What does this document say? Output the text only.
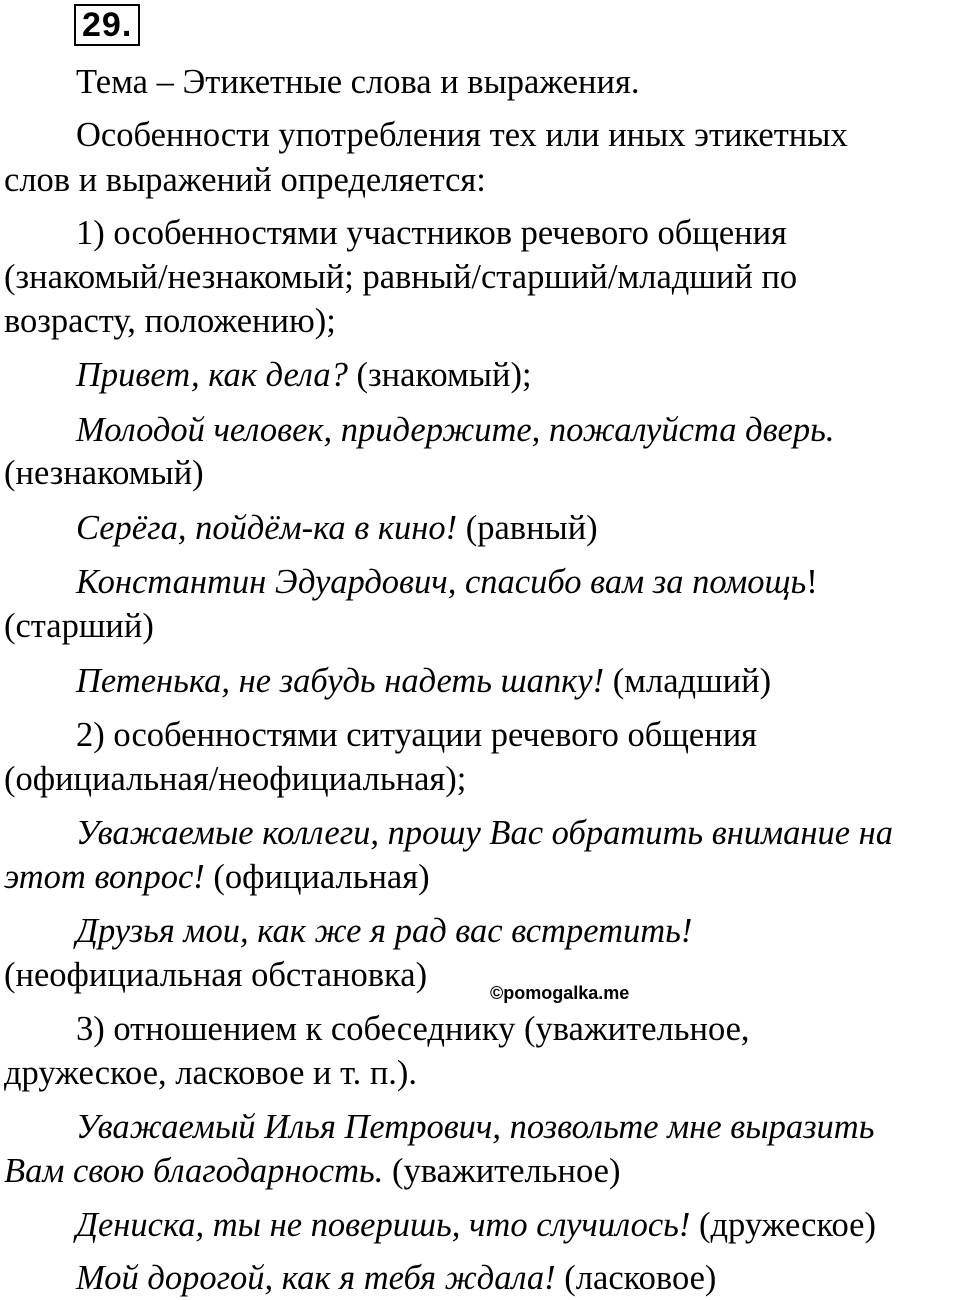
29.
Тема – Этикетные слова и выражения.
Особенности употребления тех или иных этикетных
слов и выражений определяется:
1) особенностями участников речевого общения
(знакомый/незнакомый; равный/старший/младший по
возрасту, положению);
Привет, как дела? (знакомый);
Молодой человек, придержите, пожалуйста дверь.
(незнакомый)
Серёга, пойдём-ка в кино! (равный)
Константин Эдуардович, спасибо вам за помощь!
(старший)
Петенька, не забудь надеть шапку! (младший)
2) особенностями ситуации речевого общения
(официальная/неофициальная);
Уважаемые коллеги, прошу Вас обратить внимание на
этот вопрос! (официальная)
Друзья мои, как же я рад вас встретить!
(неофициальная обстановка)	©pomogalka.me
3) отношением к собеседнику (уважительное,
дружеское, ласковое и т. п.).
Уважаемый Илья Петрович, позвольте мне выразить
Вам свою благодарность. (уважительное)
Дениска, ты не поверишь, что случилось! (дружеское)
Мой дорогой, как я тебя ждала! (ласковое)
